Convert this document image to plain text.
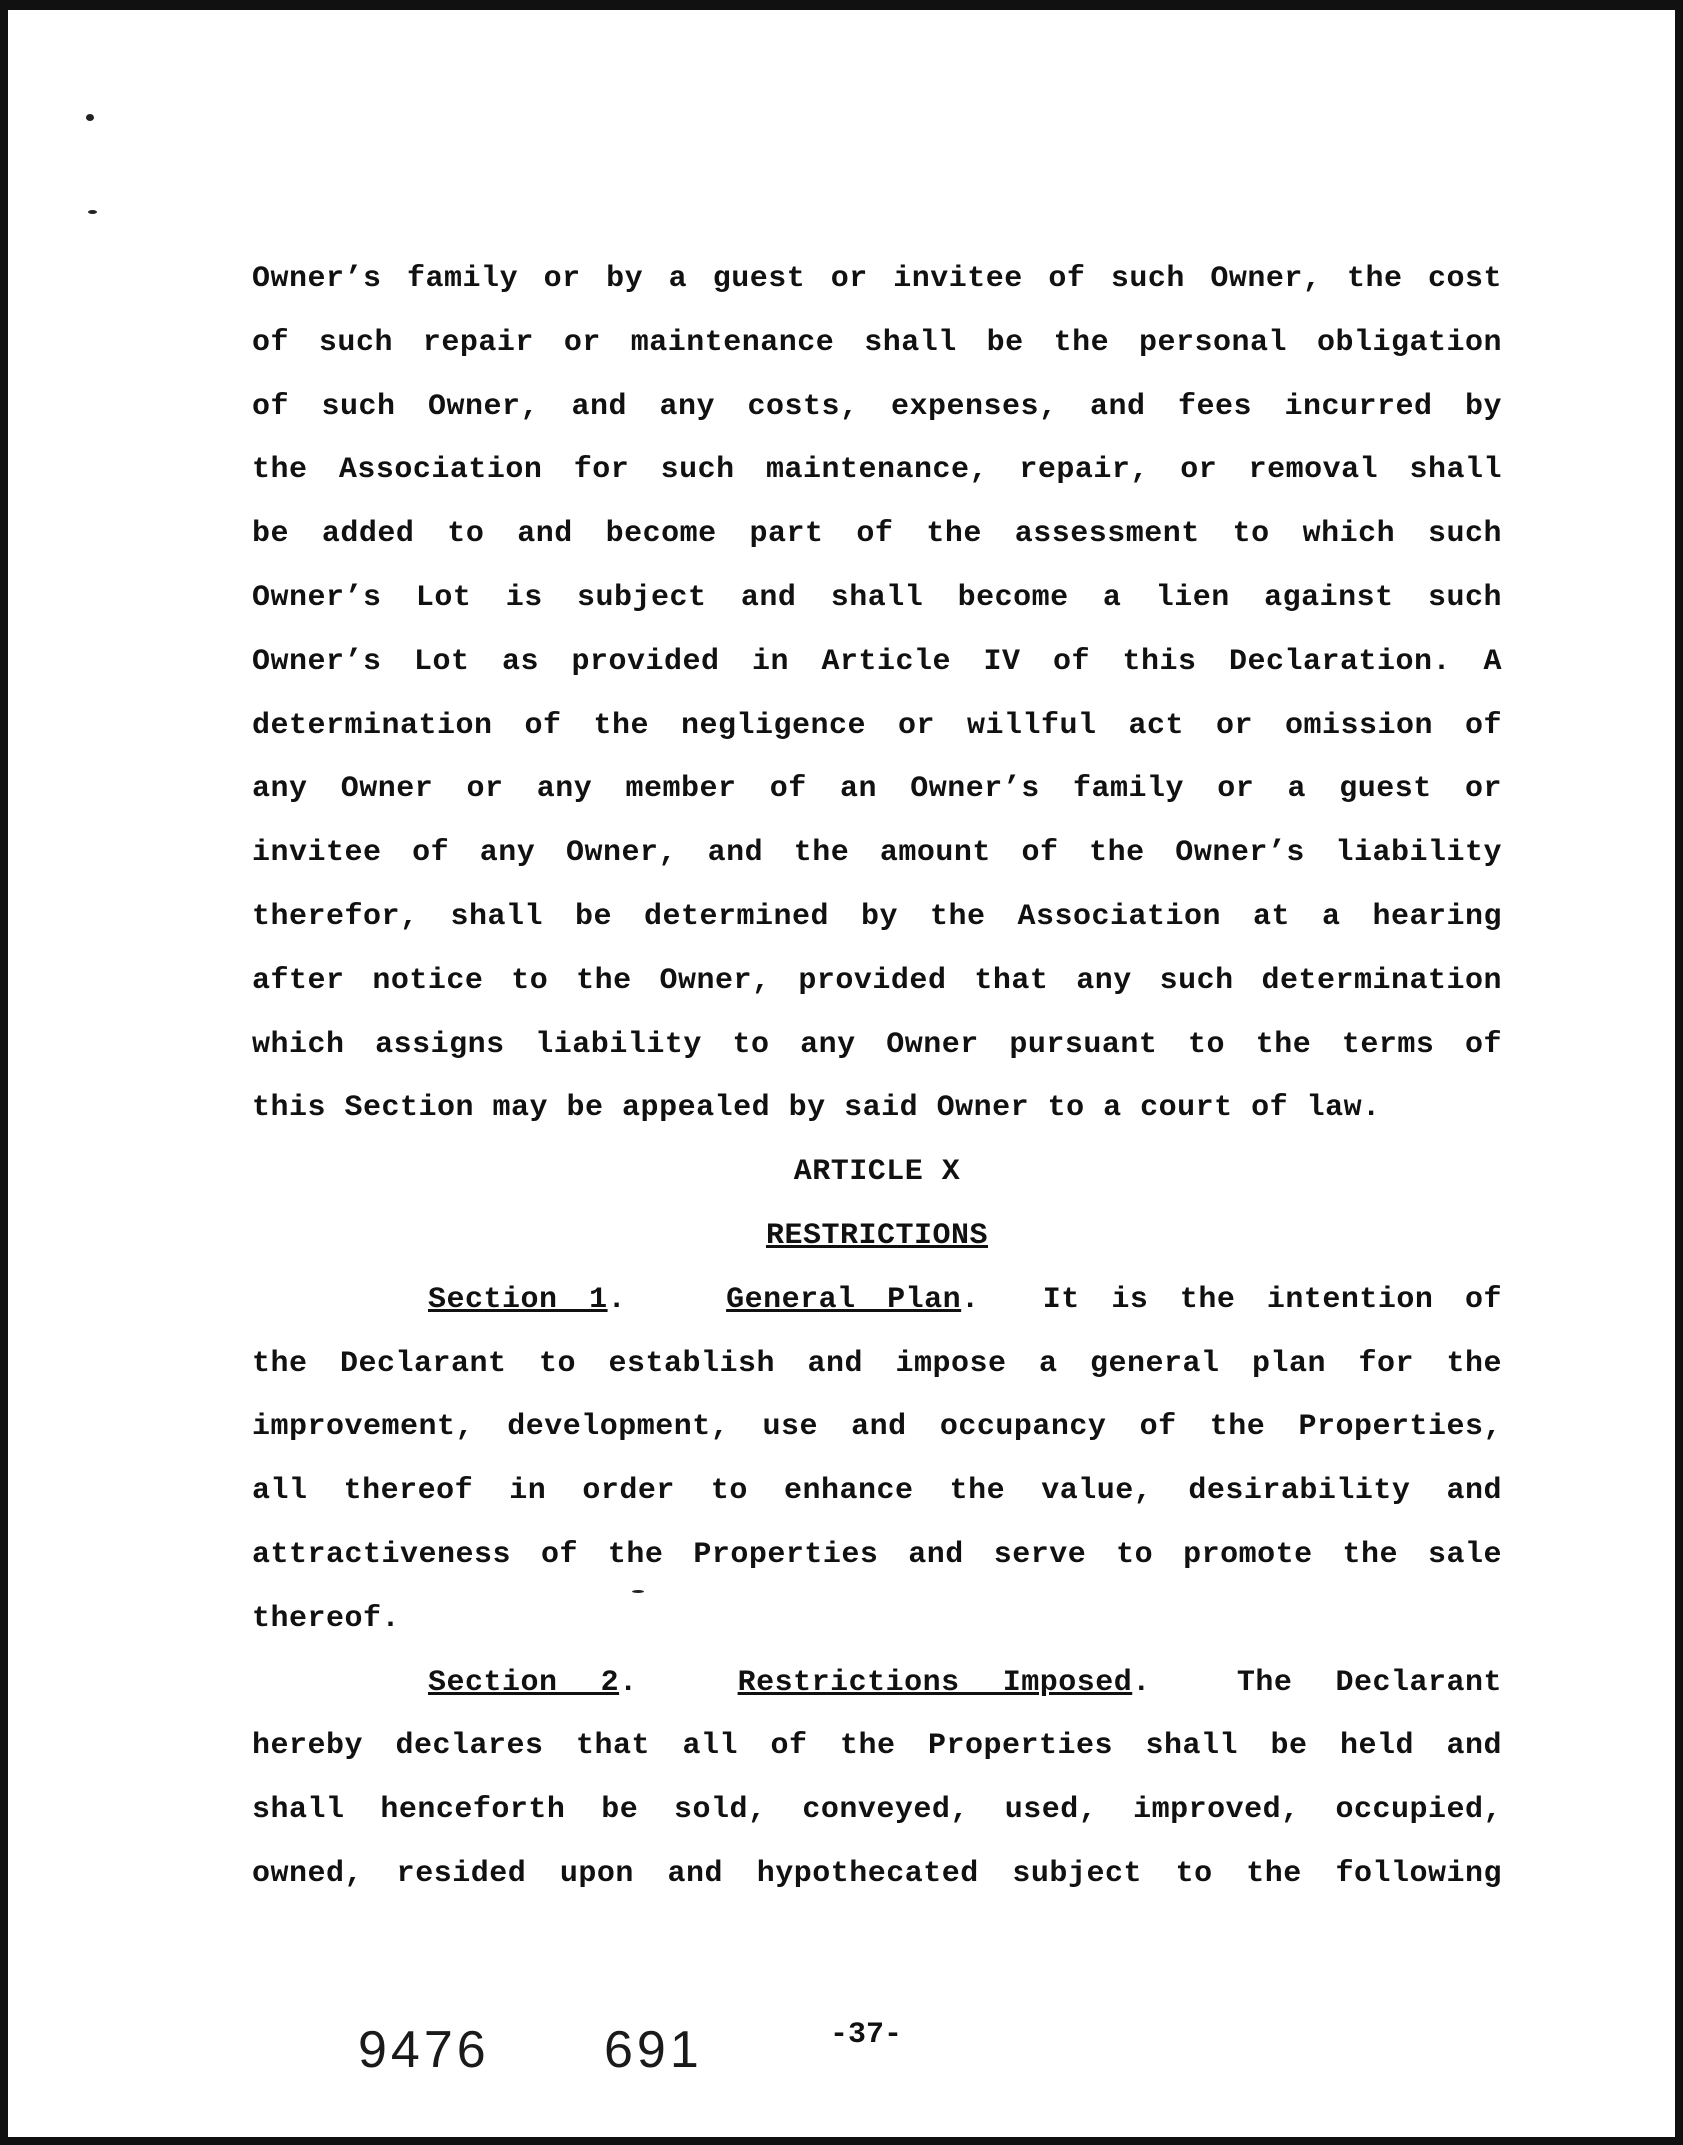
Owner’s family or by a guest or invitee of such Owner, the cost
of such repair or maintenance shall be the personal obligation
of such Owner, and any costs, expenses, and fees incurred by
the Association for such maintenance, repair, or removal shall
be added to and become part of the assessment to which such
Owner’s Lot is subject and shall become a lien against such
Owner’s Lot as provided in Article IV of this Declaration. A
determination of the negligence or willful act or omission of
any Owner or any member of an Owner’s family or a guest or
invitee of any Owner, and the amount of the Owner’s liability
therefor, shall be determined by the Association at a hearing
after notice to the Owner, provided that any such determination
which assigns liability to any Owner pursuant to the terms of
this Section may be appealed by said Owner to a court of law.
ARTICLE X
RESTRICTIONS
Section 1.	General Plan.  It is the intention of
the Declarant to establish and impose a general plan for the
improvement, development, use and occupancy of the Properties,
all thereof in order to enhance the value, desirability and
attractiveness of the Properties and serve to promote the sale
thereof.
Section 2.	Restrictions Imposed.  The Declarant
hereby declares that all of the Properties shall be held and
shall henceforth be sold, conveyed, used, improved, occupied,
owned, resided upon and hypothecated subject to the following
9476 691	-37-
